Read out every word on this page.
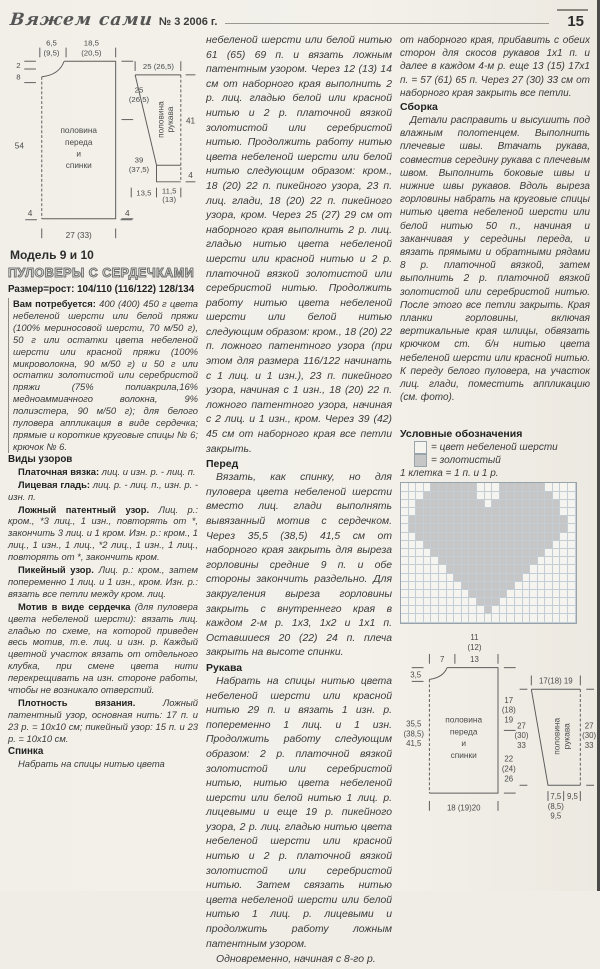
Вяжем сами № 3 2006 г.	15
6,5
(9,5)
18,5
(20,5)
2
8
54
4	4
25
(26,5)
39
(37,5)
27 (33)
половина
переда
и
спинки
25 (26,5)
41
4
13,5 11,5
(13)
половина рукава
Модель 9 и 10
ПУЛОВЕРЫ С СЕРДЕЧКАМИ
Размер=рост: 104/110 (116/122) 128/134

Вам потребуется: 400 (400) 450 г цвета небеленой шерсти или белой пряжи (100% мериносовой шерсти, 70 м/50 г), 50 г или остатки цвета небеленой шерсти или красной пряжи (100% микроволокна, 90 м/50 г) и 50 г или остатки золотистой или серебристой пряжи (75% полиакрила,16% медноаммиачного волокна, 9% полиэстера, 90 м/50 г); для белого пуловера аппликация в виде сердечка; прямые и короткие круговые спицы № 6; крючок № 6.

Виды узоров

Платочная вязка: лиц. и изн. р. - лиц. п.

Лицевая гладь: лиц. р. - лиц. п., изн. р. - изн. п.

Ложный патентный узор. Лиц. р.: кром., *3 лиц., 1 изн., повторять от *, закончить 3 лиц. и 1 кром. Изн. р.: кром., 1 лиц., 1 изн., 1 лиц., *2 лиц., 1 изн., 1 лиц., повторять от *, закончить кром.

Пикейный узор. Лиц. р.: кром., затем попеременно 1 лиц. и 1 изн., кром. Изн. р.: вязать все петли между кром. лиц.

Мотив в виде сердечка (для пуловера цвета небеленой шерсти): вязать лиц. гладью по схеме, на которой приведен весь мотив, т.е. лиц. и изн. р. Каждый цветной участок вязать от отдельного клубка, при смене цвета нити перекрещивать на изн. стороне работы, чтобы не возникало отверстий.

Плотность вязания.	Ложный патентный узор, основная нить: 17 п. и 23 р. = 10x10 см; пикейный узор: 15 п. и 23 р. = 10x10 см.

Спинка

Набрать на спицы нитью цвета

небеленой шерсти или белой нитью 61 (65) 69 п. и вязать ложным патентным узором. Через 12 (13) 14 см от наборного края выполнить 2 р. лиц. гладью белой или красной нитью и 2 р. платочной вязкой золотистой или серебристой нитью. Продолжить работу нитью цвета небеленой шерсти или белой нитью следующим образом: кром., 18 (20) 22 п. пикейного узора, 23 п. лиц. глади, 18 (20) 22 п. пикейного узора, кром. Через 25 (27) 29 см от наборного края выполнить 2 р. лиц. гладью нитью цвета небеленой шерсти или красной нитью и 2 р. платочной вязкой золотистой или серебристой нитью. Продолжить работу нитью цвета небеленой шерсти или белой нитью следующим образом: кром., 18 (20) 22 п. ложного патентного узора (при этом для размера 116/122 начинать с 1 лиц. и 1 изн.), 23 п. пикейного узора, начиная с 1 изн., 18 (20) 22 п. ложного патентного узора, начиная с 2 лиц. и 1 изн., кром. Через 39 (42) 45 см от наборного края все петли закрыть.

Перед

Вязать, как спинку, но для пуловера цвета небеленой шерсти вместо лиц. глади выполнять вывязанный мотив с сердечком. Через 35,5 (38,5) 41,5 см от наборного края закрыть для выреза горловины средние 9 п. и обе стороны закончить раздельно. Для закругления выреза горловины закрыть с внутреннего края в каждом 2-м р. 1x3, 1x2 и 1x1 п. Оставшиеся 20 (22) 24 п. плеча закрыть на высоте спинки.

Рукава

Набрать на спицы нитью цвета небеленой шерсти или красной нитью 29 п. и вязать 1 изн. р. попеременно 1 лиц. и 1 изн. Продолжить работу следующим образом: 2 р. платочной вязкой золотистой или серебристой нитью, нитью цвета небеленой шерсти или белой нитью 1 лиц. р. лицевыми и еще 19 р. пикейного узора, 2 р. лиц. гладью нитью цвета небеленой шерсти или красной нитью и 2 р. платочной вязкой золотистой или серебристой нитью. Затем связать нитью цвета небеленой шерсти или белой нитью 1 лиц. р. лицевыми и продолжить работу ложным патентным узором.

Одновременно, начиная с 8-го р.

от наборного края, прибавить с обеих сторон для скосов рукавов 1x1 п. и далее в каждом 4-м р. еще 13 (15) 17x1 п. = 57 (61) 65 п. Через 27 (30) 33 см от наборного края закрыть все петли.

Сборка

Детали расправить и высушить под влажным полотенцем. Выполнить плечевые швы. Втачать рукава, совместив середину рукава с плечевым швом. Выполнить боковые швы и нижние швы рукавов. Вдоль выреза горловины набрать на круговые спицы нитью цвета небеленой шерсти или белой нитью 50 п., начиная и заканчивая у середины переда, и вязать прямыми и обратными рядами 8 р. платочной вязкой, затем выполнить 2 р. платочной вязкой золотистой или серебристой нитью. После этого все петли закрыть. Края планки горловины, включая вертикальные края шлицы, обвязать крючком ст. б/н нитью цвета небеленой шерсти или красной нитью. К переду белого пуловера, на участок лиц. глади, поместить аппликацию (см. фото).

Условные обозначения
= цвет небеленой шерсти
= золотистый
1 клетка = 1 п. и 1 р.
11
(12)
7	13
3,5
35,5
(38,5)
41,5
17
(18)
19
22
(24)
26
18 (19)20
половина
переда
и
спинки
17(18) 19
27
(30)
33
27
(30)
33
7,5 9,5
(8,5)
9,5
половина рукава
